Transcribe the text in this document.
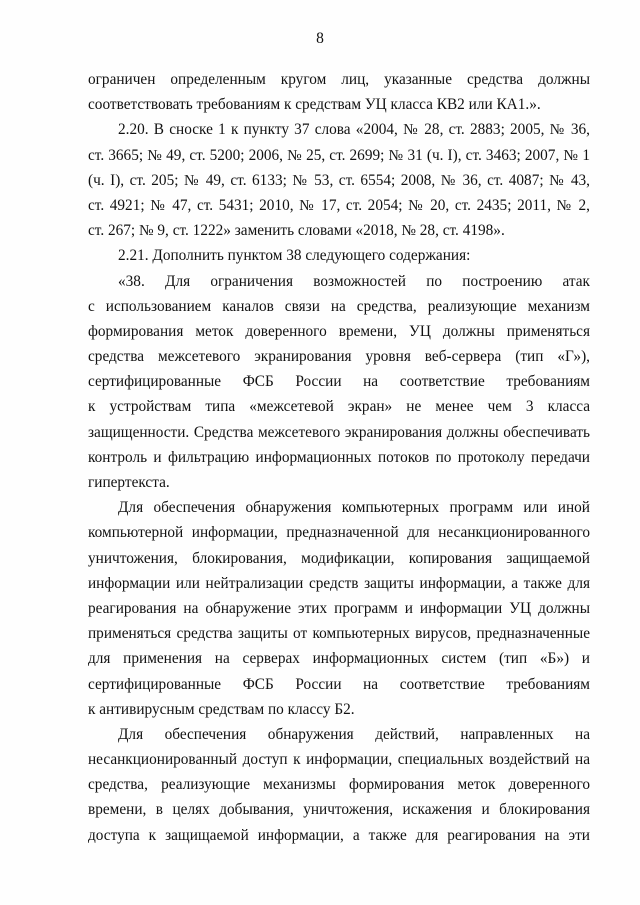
8
ограничен определенным кругом лиц, указанные средства должны
соответствовать требованиям к средствам УЦ класса КВ2 или КА1.».
2.20. В сноске 1 к пункту 37 слова «2004, № 28, ст. 2883; 2005, № 36,
ст. 3665; № 49, ст. 5200; 2006, № 25, ст. 2699; № 31 (ч. I), ст. 3463; 2007, № 1
(ч. I), ст. 205; № 49, ст. 6133; № 53, ст. 6554; 2008, № 36, ст. 4087; № 43,
ст. 4921; № 47, ст. 5431; 2010, № 17, ст. 2054; № 20, ст. 2435; 2011, № 2,
ст. 267; № 9, ст. 1222» заменить словами «2018, № 28, ст. 4198».
2.21. Дополнить пунктом 38 следующего содержания:
«38. Для ограничения возможностей по построению атак
с использованием каналов связи на средства, реализующие механизм
формирования меток доверенного времени, УЦ должны применяться
средства межсетевого экранирования уровня веб-сервера (тип «Г»),
сертифицированные ФСБ России на соответствие требованиям
к устройствам типа «межсетевой экран» не менее чем 3 класса
защищенности. Средства межсетевого экранирования должны обеспечивать
контроль и фильтрацию информационных потоков по протоколу передачи
гипертекста.
Для обеспечения обнаружения компьютерных программ или иной
компьютерной информации, предназначенной для несанкционированного
уничтожения, блокирования, модификации, копирования защищаемой
информации или нейтрализации средств защиты информации, а также для
реагирования на обнаружение этих программ и информации УЦ должны
применяться средства защиты от компьютерных вирусов, предназначенные
для применения на серверах информационных систем (тип «Б») и
сертифицированные ФСБ России на соответствие требованиям
к антивирусным средствам по классу Б2.
Для обеспечения обнаружения действий, направленных на
несанкционированный доступ к информации, специальных воздействий на
средства, реализующие механизмы формирования меток доверенного
времени, в целях добывания, уничтожения, искажения и блокирования
доступа к защищаемой информации, а также для реагирования на эти
